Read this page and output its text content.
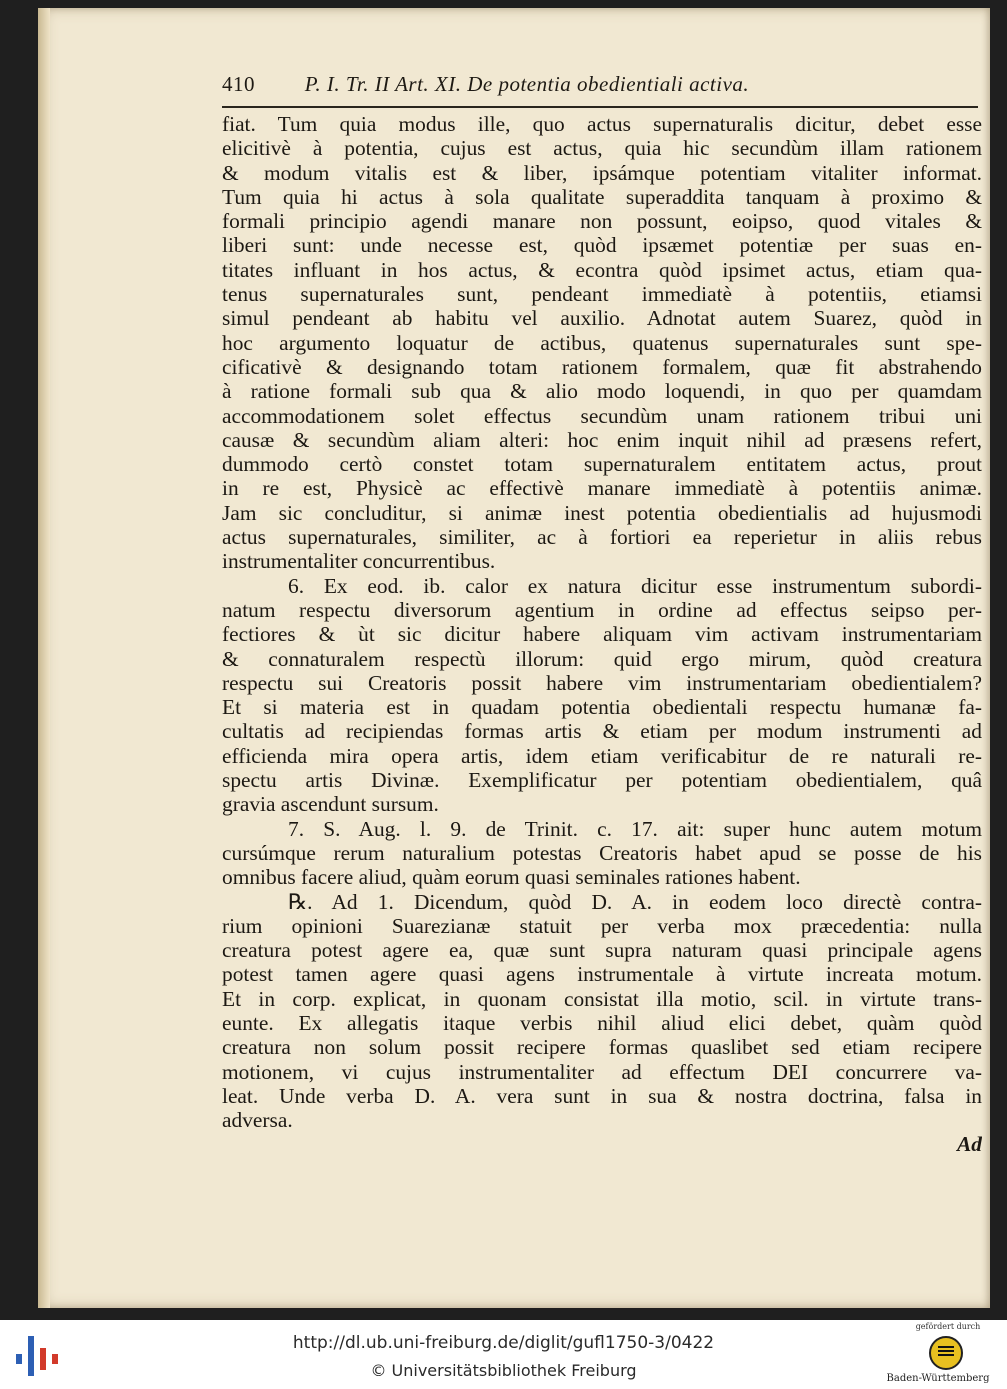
410 P. I. Tr. II Art. XI. De potentia obedientiali activa.
fiat. Tum quia modus ille, quo actus supernaturalis dicitur, debet esse
elicitivè à potentia, cujus est actus, quia hic secundùm illam rationem
& modum vitalis est & liber, ipsámque potentiam vitaliter informat.
Tum quia hi actus à sola qualitate superaddita tanquam à proximo &
formali principio agendi manare non possunt, eoipso, quod vitales &
liberi sunt: unde necesse est, quòd ipsæmet potentiæ per suas en-
titates influant in hos actus, & econtra quòd ipsimet actus, etiam qua-
tenus supernaturales sunt, pendeant immediatè à potentiis, etiamsi
simul pendeant ab habitu vel auxilio. Adnotat autem Suarez, quòd in
hoc argumento loquatur de actibus, quatenus supernaturales sunt spe-
cificativè & designando totam rationem formalem, quæ fit abstrahendo
à ratione formali sub qua & alio modo loquendi, in quo per quamdam
accommodationem solet effectus secundùm unam rationem tribui uni
causæ & secundùm aliam alteri: hoc enim inquit nihil ad præsens refert,
dummodo certò constet totam supernaturalem entitatem actus, prout
in re est, Physicè ac effectivè manare immediatè à potentiis animæ.
Jam sic concluditur, si animæ inest potentia obedientialis ad hujusmodi
actus supernaturales, similiter, ac à fortiori ea reperietur in aliis rebus
instrumentaliter concurrentibus.
6. Ex eod. ib. calor ex natura dicitur esse instrumentum subordi-
natum respectu diversorum agentium in ordine ad effectus seipso per-
fectiores & ùt sic dicitur habere aliquam vim activam instrumentariam
& connaturalem respectù illorum: quid ergo mirum, quòd creatura
respectu sui Creatoris possit habere vim instrumentariam obedientialem?
Et si materia est in quadam potentia obedientali respectu humanæ fa-
cultatis ad recipiendas formas artis & etiam per modum instrumenti ad
efficienda mira opera artis, idem etiam verificabitur de re naturali re-
spectu artis Divinæ. Exemplificatur per potentiam obedientialem, quâ
gravia ascendunt sursum.
7. S. Aug. l. 9. de Trinit. c. 17. ait: super hunc autem motum
cursúmque rerum naturalium potestas Creatoris habet apud se posse de his
omnibus facere aliud, quàm eorum quasi seminales rationes habent.
℞. Ad 1. Dicendum, quòd D. A. in eodem loco directè contra-
rium opinioni Suarezianæ statuit per verba mox præcedentia: nulla
creatura potest agere ea, quæ sunt supra naturam quasi principale agens
potest tamen agere quasi agens instrumentale à virtute increata motum.
Et in corp. explicat, in quonam consistat illa motio, scil. in virtute trans-
euntе. Ex allegatis itaque verbis nihil aliud elici debet, quàm quòd
creatura non solum possit recipere formas quaslibet sed etiam recipere
motionem, vi cujus instrumentaliter ad effectum DEI concurrere va-
leat. Unde verba D. A. vera sunt in sua & nostra doctrina, falsa in
adversa.
Ad
http://dl.ub.uni-freiburg.de/diglit/gufl1750-3/0422
© Universitätsbibliothek Freiburg
gefördert durch
Baden-Württemberg
